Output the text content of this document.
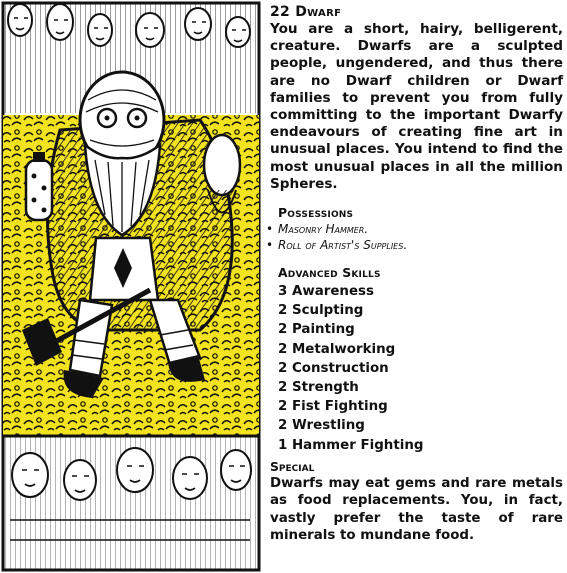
22 Dwarf

You are a short, hairy, belligerent, creature. Dwarfs are a sculpted people, ungendered, and thus there are no Dwarf children or Dwarf families to prevent you from fully committing to the important Dwarfy endeavours of creating fine art in unusual places. You intend to find the most unusual places in all the million Spheres.

Possessions
• Masonry Hammer.
• Roll of Artist's Supplies.
Advanced Skills
3 Awareness
2 Sculpting
2 Painting
2 Metalworking
2 Construction
2 Strength
2 Fist Fighting
2 Wrestling
1 Hammer Fighting
Special

Dwarfs may eat gems and rare metals as food replacements. You, in fact, vastly prefer the taste of rare minerals to mundane food.
